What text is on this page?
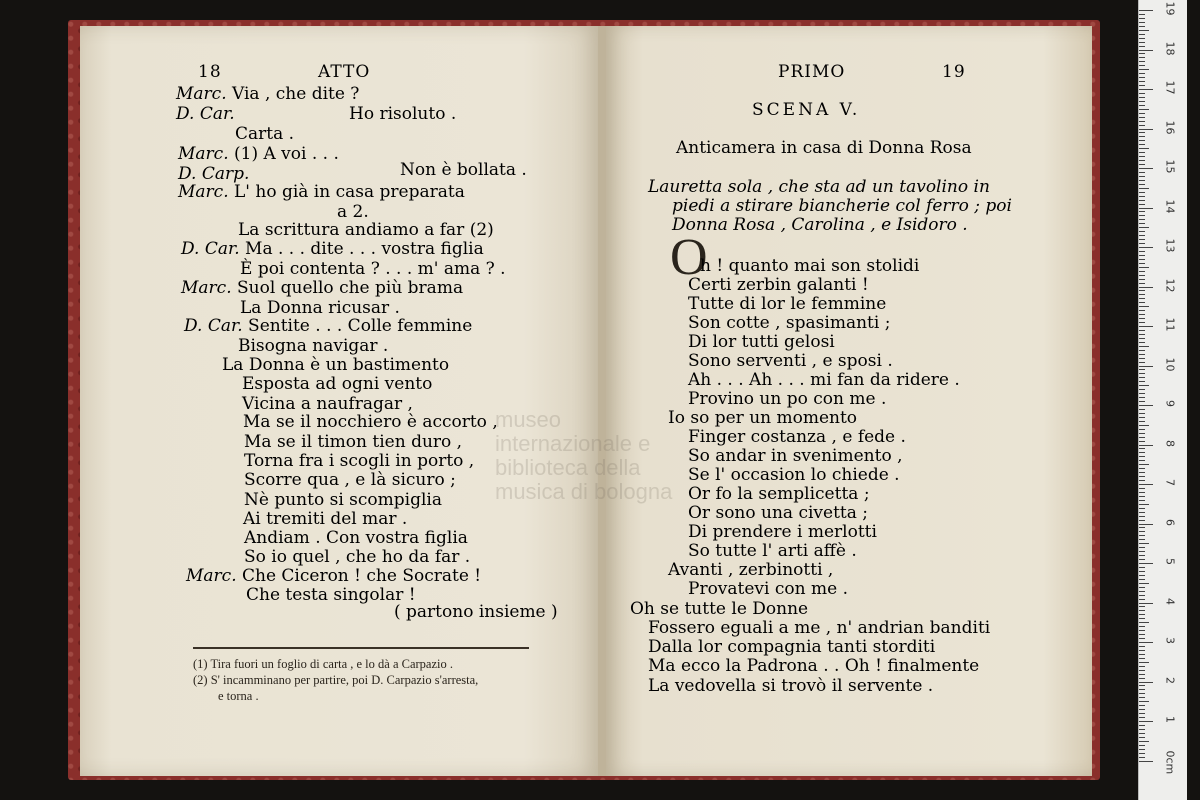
museo internazionale e biblioteca della musica di bologna
18	ATTO
Marc. Via , che dite ?
D. Car.	Ho risoluto .
Carta .
Marc. (1) A voi . . .
D. Carp.	Non è bollata .
Marc. L' ho già in casa preparata
a 2.
La scrittura andiamo a far (2)
D. Car. Ma . . . dite . . . vostra figlia
È poi contenta ? . . . m' ama ? .
Marc. Suol quello che più brama
La Donna ricusar .
D. Car. Sentite . . . Colle femmine
Bisogna navigar .
La Donna è un bastimento
Esposta ad ogni vento
Vicina a naufragar ,
Ma se il nocchiero è accorto ,
Ma se il timon tien duro ,
Torna fra i scogli in porto ,
Scorre qua , e là sicuro ;
Nè punto si scompiglia
Ai tremiti del mar .
Andiam . Con vostra figlia
So io quel , che ho da far .
Marc. Che Ciceron ! che Socrate !
Che testa singolar !
( partono insieme )
(1) Tira fuori un foglio di carta , e lo dà a Carpazio .
(2) S' incamminano per partire, poi D. Carpazio s'arresta,
e torna .
PRIMO	19
SCENA V.
Anticamera in casa di Donna Rosa
Lauretta sola , che sta ad un tavolino in
piedi a stirare biancherie col ferro ; poi
Donna Rosa , Carolina , e Isidoro .
O
h ! quanto mai son stolidi
Certi zerbin galanti !
Tutte di lor le femmine
Son cotte , spasimanti ;
Di lor tutti gelosi
Sono serventi , e sposi .
Ah . . . Ah . . . mi fan da ridere .
Provino un po con me .
Io so per un momento
Finger costanza , e fede .
So andar in svenimento ,
Se l' occasion lo chiede .
Or fo la semplicetta ;
Or sono una civetta ;
Di prendere i merlotti
So tutte l' arti affè .
Avanti , zerbinotti ,
Provatevi con me .
Oh se tutte le Donne
Fossero eguali a me , n' andrian banditi
Dalla lor compagnia tanti storditi
Ma ecco la Padrona . . Oh ! finalmente
La vedovella si trovò il servente .
19
18
17
16
15
14
13
12
11
10
9
8
7
6
5
4
3
2
1
0cm
